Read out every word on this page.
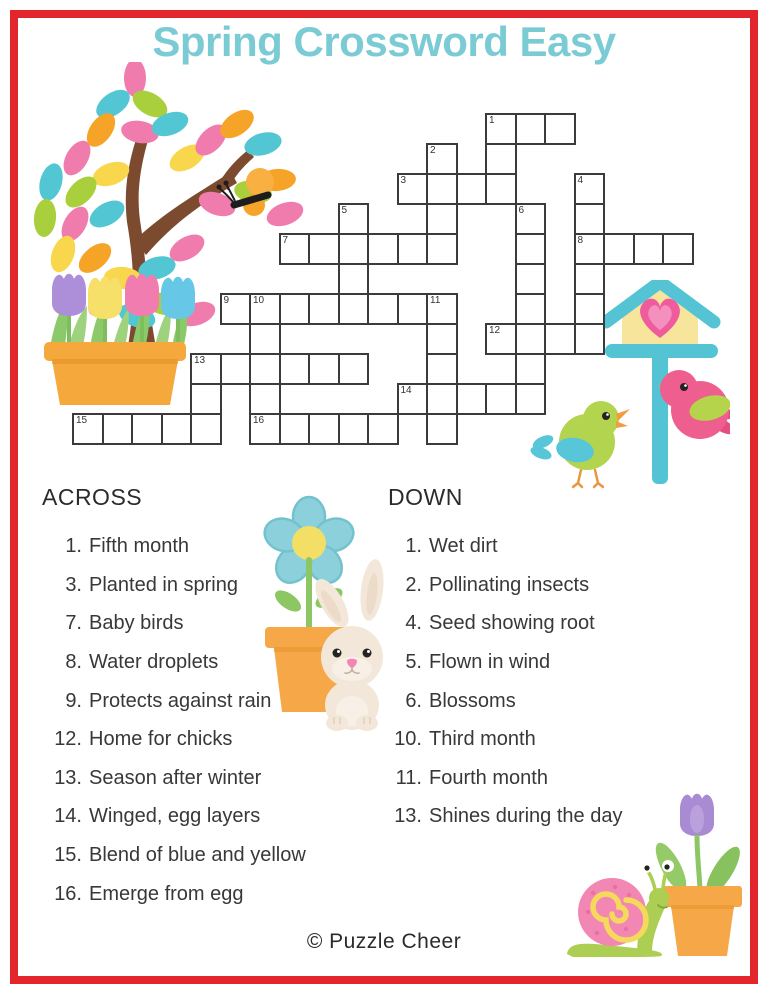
Spring Crossword Easy
1
2
3	4
8
5	6
7
9 10	11
16
12
13
14
15
ACROSS
1. Fifth month
3. Planted in spring
7. Baby birds
8. Water droplets
9. Protects against rain
12. Home for chicks
13. Season after winter
14. Winged, egg layers
15. Blend of blue and yellow
16. Emerge from egg
DOWN
1. Wet dirt
2. Pollinating insects
4. Seed showing root
5. Flown in wind
6. Blossoms
10. Third month
11. Fourth month
13. Shines during the day
© Puzzle Cheer
